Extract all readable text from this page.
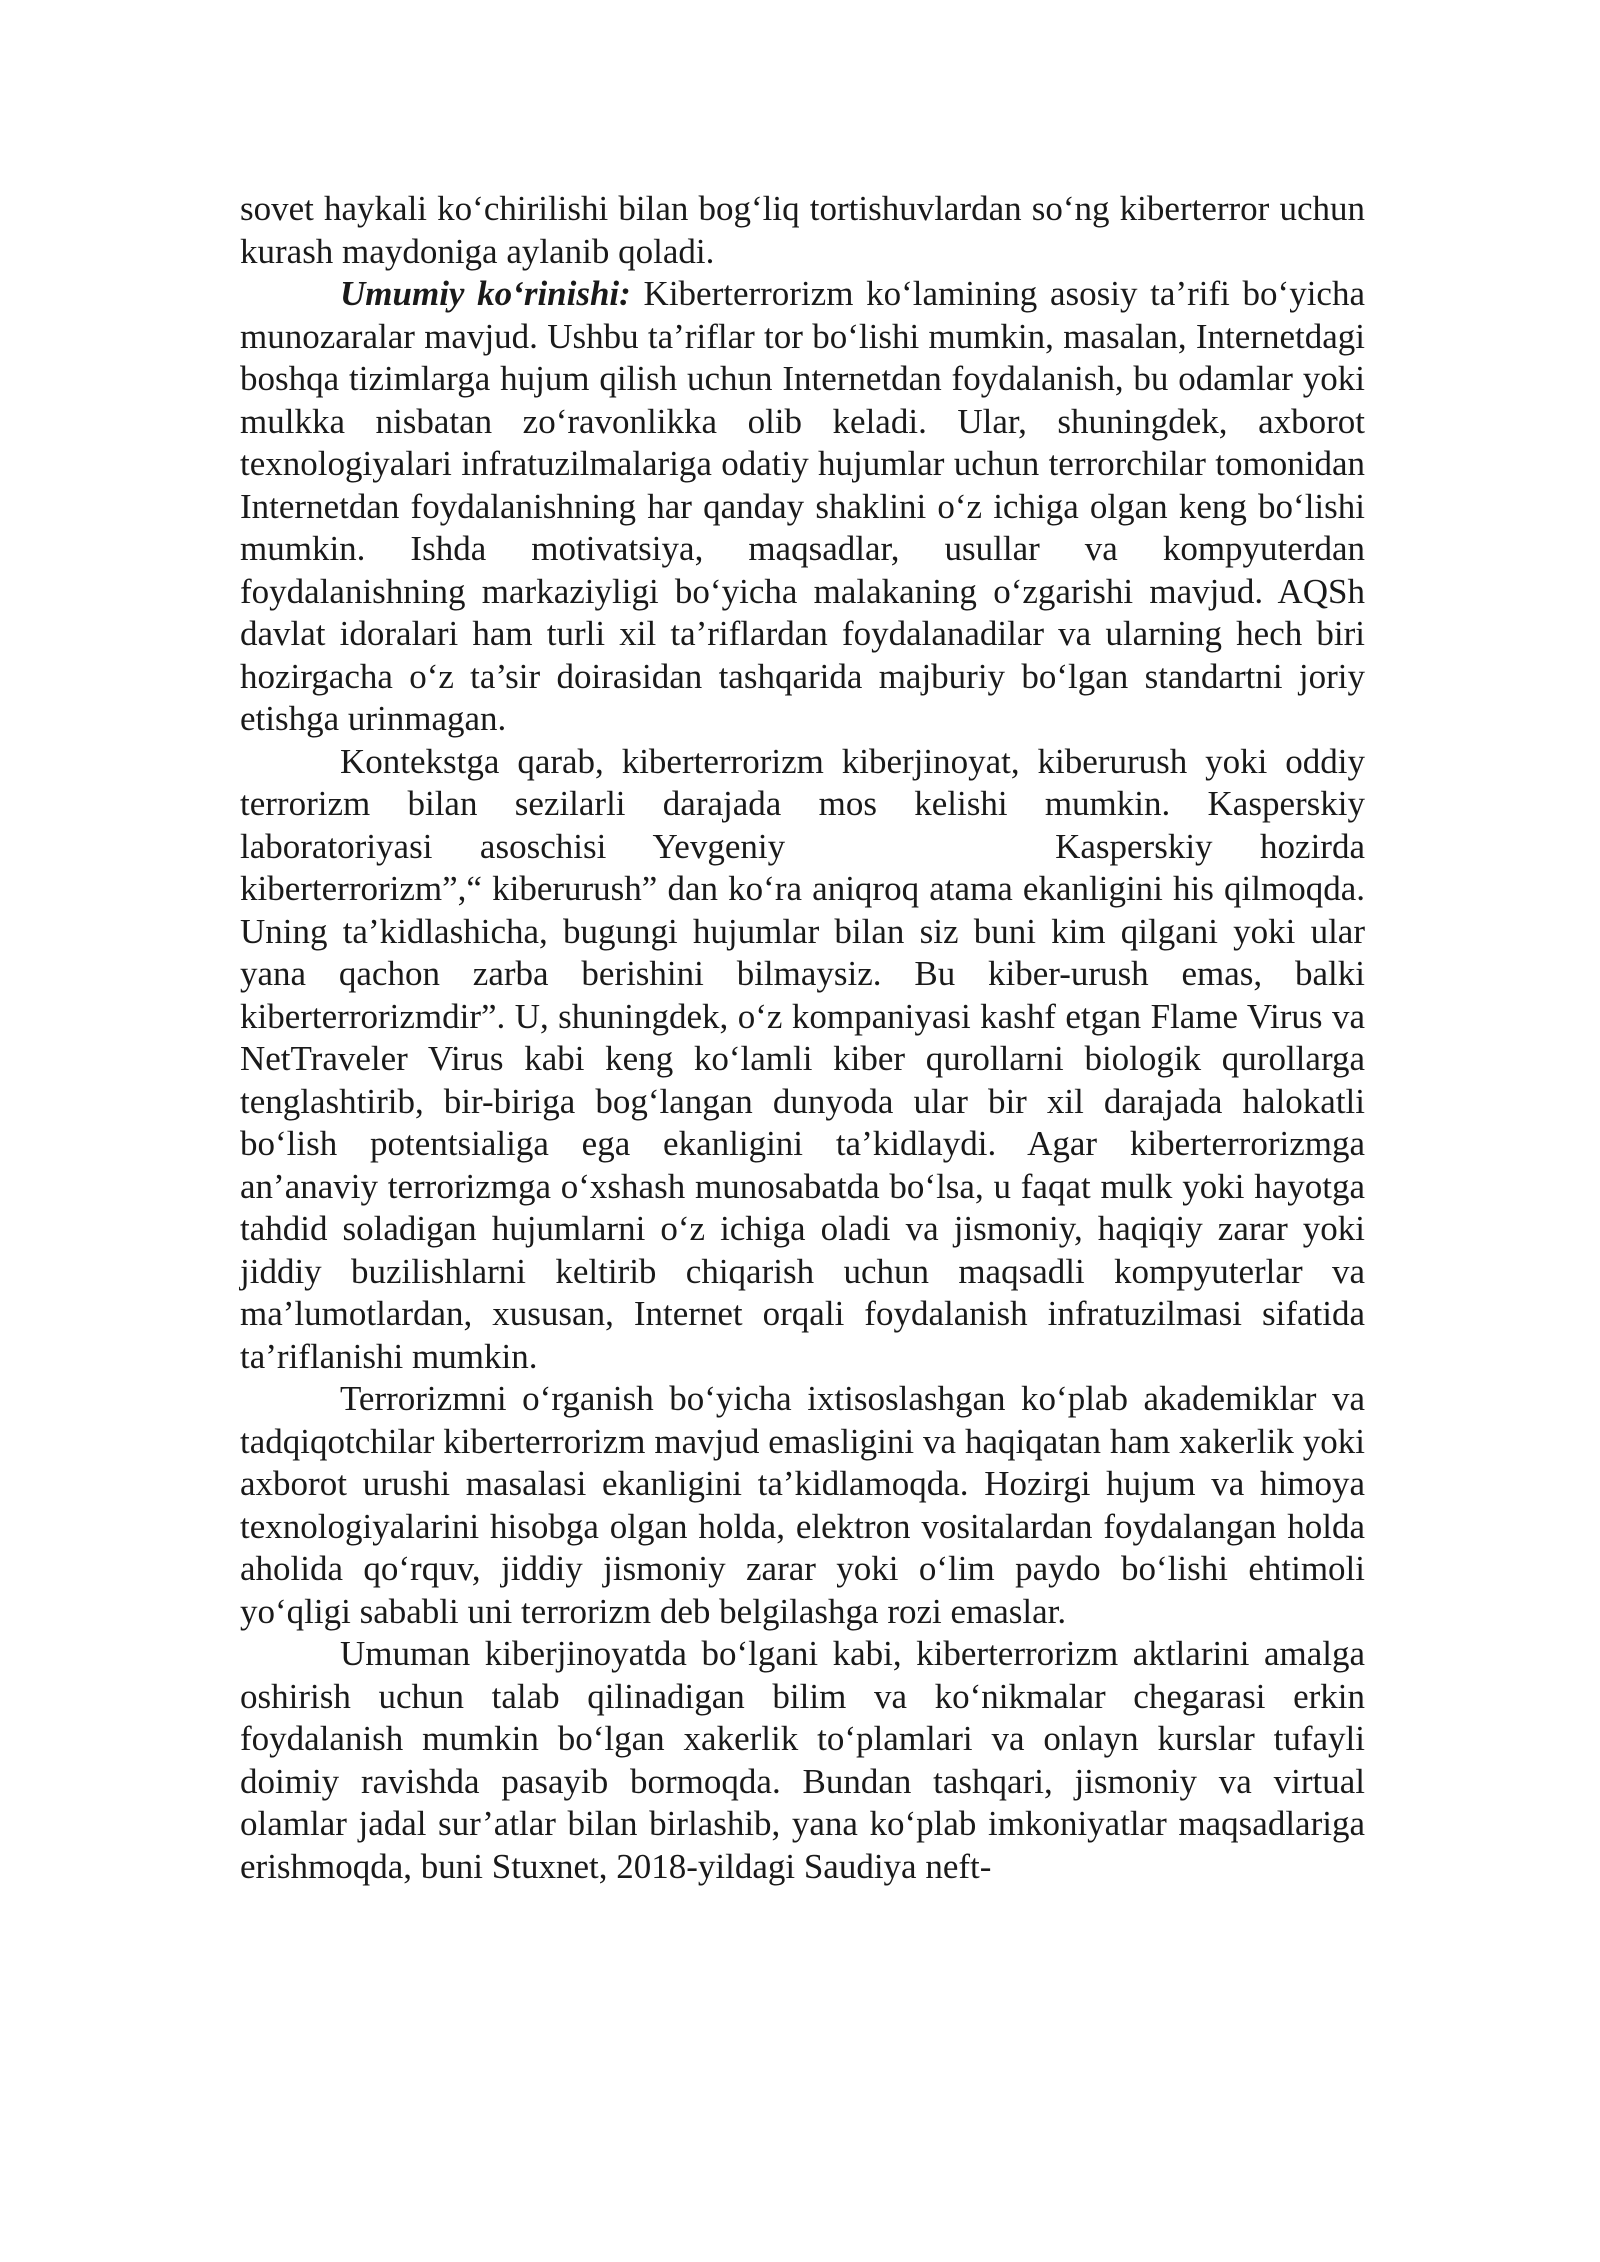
sovet haykali ko‘chirilishi bilan bog‘liq tortishuvlardan so‘ng kiberterror uchun kurash maydoniga aylanib qoladi.

Umumiy ko‘rinishi: Kiberterrorizm ko‘lamining asosiy ta’rifi bo‘yicha munozaralar mavjud. Ushbu ta’riflar tor bo‘lishi mumkin, masalan, Internetdagi boshqa tizimlarga hujum qilish uchun Internetdan foydalanish, bu odamlar yoki mulkka nisbatan zo‘ravonlikka olib keladi. Ular, shuningdek, axborot texnologiyalari infratuzilmalariga odatiy hujumlar uchun terrorchilar tomonidan Internetdan foydalanishning har qanday shaklini o‘z ichiga olgan keng bo‘lishi mumkin. Ishda motivatsiya, maqsadlar, usullar va kompyuterdan foydalanishning markaziyligi bo‘yicha malakaning o‘zgarishi mavjud. AQSh davlat idoralari ham turli xil ta’riflardan foydalanadilar va ularning hech biri hozirgacha o‘z ta’sir doirasidan tashqarida majburiy bo‘lgan standartni joriy etishga urinmagan.

Kontekstga qarab, kiberterrorizm kiberjinoyat, kiberurush yoki oddiy terrorizm bilan sezilarli darajada mos kelishi mumkin. Kasperskiy laboratoriyasi asoschisi Yevgeniy	Kasperskiy hozirda kiberterrorizm”,“ kiberurush” dan ko‘ra aniqroq atama ekanligini his qilmoqda. Uning ta’kidlashicha, bugungi hujumlar bilan siz buni kim qilgani yoki ular yana qachon zarba berishini bilmaysiz. Bu kiber-urush emas, balki kiberterrorizmdir”. U, shuningdek, o‘z kompaniyasi kashf etgan Flame Virus va NetTraveler Virus kabi keng ko‘lamli kiber qurollarni biologik qurollarga tenglashtirib, bir-biriga bog‘langan dunyoda ular bir xil darajada halokatli bo‘lish potentsialiga ega ekanligini ta’kidlaydi. Agar kiberterrorizmga an’anaviy terrorizmga o‘xshash munosabatda bo‘lsa, u faqat mulk yoki hayotga tahdid soladigan hujumlarni o‘z ichiga oladi va jismoniy, haqiqiy zarar yoki jiddiy buzilishlarni keltirib chiqarish uchun maqsadli kompyuterlar va ma’lumotlardan, xususan, Internet orqali foydalanish infratuzilmasi sifatida ta’riflanishi mumkin.

Terrorizmni o‘rganish bo‘yicha ixtisoslashgan ko‘plab akademiklar va tadqiqotchilar kiberterrorizm mavjud emasligini va haqiqatan ham xakerlik yoki axborot urushi masalasi ekanligini ta’kidlamoqda. Hozirgi hujum va himoya texnologiyalarini hisobga olgan holda, elektron vositalardan foydalangan holda aholida qo‘rquv, jiddiy jismoniy zarar yoki o‘lim paydo bo‘lishi ehtimoli yo‘qligi sababli uni terrorizm deb belgilashga rozi emaslar.

Umuman kiberjinoyatda bo‘lgani kabi, kiberterrorizm aktlarini amalga oshirish uchun talab qilinadigan bilim va ko‘nikmalar chegarasi erkin foydalanish mumkin bo‘lgan xakerlik to‘plamlari va onlayn kurslar tufayli doimiy ravishda pasayib bormoqda. Bundan tashqari, jismoniy va virtual olamlar jadal sur’atlar bilan birlashib, yana ko‘plab imkoniyatlar maqsadlariga erishmoqda, buni Stuxnet, 2018-yildagi Saudiya neft-
